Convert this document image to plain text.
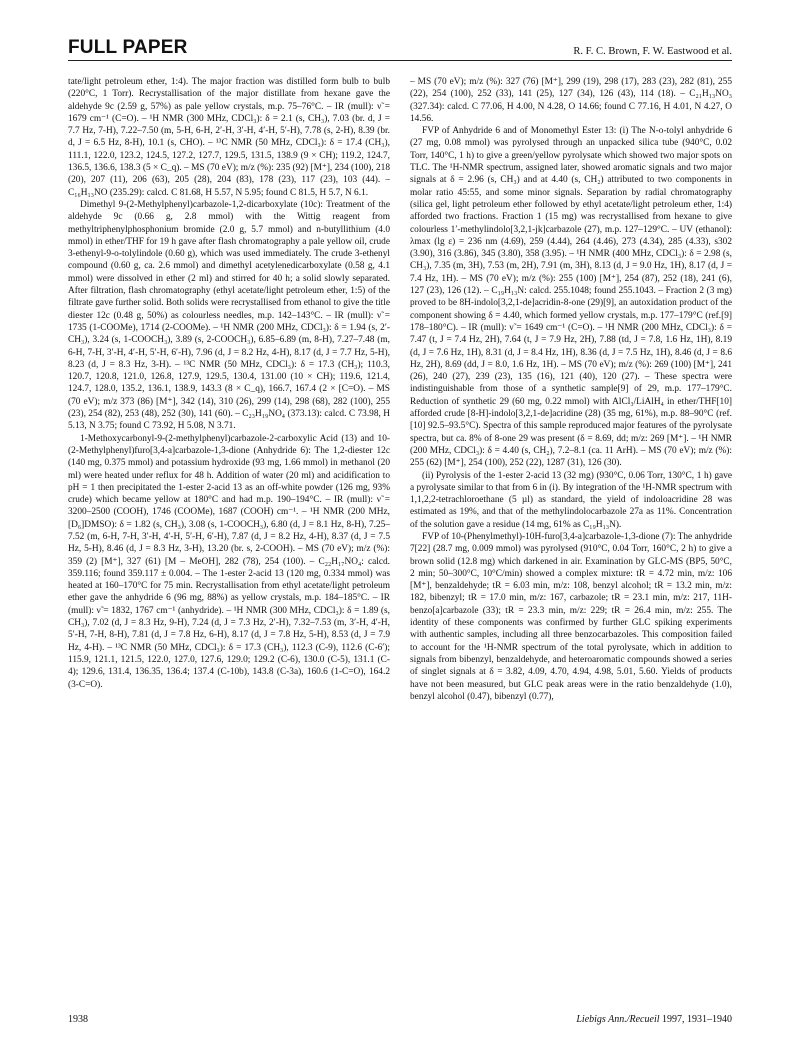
FULL PAPER	R. F. C. Brown, F. W. Eastwood et al.

tate/light petroleum ether, 1:4). The major fraction was distilled form bulb to bulb (220°C, 1 Torr). Recrystallisation of the major distillate from hexane gave the aldehyde 9c (2.59 g, 57%) as pale yellow crystals, m.p. 75–76°C. – IR (mull): ν̃ = 1679 cm⁻¹ (C=O). – ¹H NMR (300 MHz, CDCl₃): δ = 2.1 (s, CH₃), 7.03 (br. d, J = 7.7 Hz, 7-H), 7.22–7.50 (m, 5-H, 6-H, 2′-H, 3′-H, 4′-H, 5′-H), 7.78 (s, 2-H), 8.39 (br. d, J = 6.5 Hz, 8-H), 10.1 (s, CHO). – ¹³C NMR (50 MHz, CDCl₃): δ = 17.4 (CH₃), 111.1, 122.0, 123.2, 124.5, 127.2, 127.7, 129.5, 131.5, 138.9 (9 × CH); 119.2, 124.7, 136.5, 136.6, 138.3 (5 × C_q). – MS (70 eV); m/z (%): 235 (92) [M⁺], 234 (100), 218 (20), 207 (11), 206 (63), 205 (28), 204 (83), 178 (23), 117 (23), 103 (44). – C₁₆H₁₃NO (235.29): calcd. C 81.68, H 5.57, N 5.95; found C 81.5, H 5.7, N 6.1.

Dimethyl 9-(2-Methylphenyl)carbazole-1,2-dicarboxylate (10c): Treatment of the aldehyde 9c (0.66 g, 2.8 mmol) with the Wittig reagent from methyltriphenylphosphonium bromide (2.0 g, 5.7 mmol) and n-butyllithium (4.0 mmol) in ether/THF for 19 h gave after flash chromatography a pale yellow oil, crude 3-ethenyl-9-o-tolylindole (0.60 g), which was used immediately. The crude 3-ethenyl compound (0.60 g, ca. 2.6 mmol) and dimethyl acetylenedicarboxylate (0.58 g, 4.1 mmol) were dissolved in ether (2 ml) and stirred for 40 h; a solid slowly separated. After filtration, flash chromatography (ethyl acetate/light petroleum ether, 1:5) of the filtrate gave further solid. Both solids were recrystallised from ethanol to give the title diester 12c (0.48 g, 50%) as colourless needles, m.p. 142–143°C. – IR (mull): ν̃ = 1735 (1-COOMe), 1714 (2-COOMe). – ¹H NMR (200 MHz, CDCl₃): δ = 1.94 (s, 2′-CH₃), 3.24 (s, 1-COOCH₃), 3.89 (s, 2-COOCH₃), 6.85–6.89 (m, 8-H), 7.27–7.48 (m, 6-H, 7-H, 3′-H, 4′-H, 5′-H, 6′-H), 7.96 (d, J = 8.2 Hz, 4-H), 8.17 (d, J = 7.7 Hz, 5-H), 8.23 (d, J = 8.3 Hz, 3-H). – ¹³C NMR (50 MHz, CDCl₃): δ = 17.3 (CH₃); 110.3, 120.7, 120.8, 121.0, 126.8, 127.9, 129.5, 130.4, 131.00 (10 × CH); 119.6, 121.4, 124.7, 128.0, 135.2, 136.1, 138.9, 143.3 (8 × C_q), 166.7, 167.4 (2 × [C=O). – MS (70 eV); m/z 373 (86) [M⁺], 342 (14), 310 (26), 299 (14), 298 (68), 282 (100), 255 (23), 254 (82), 253 (48), 252 (30), 141 (60). – C₂₃H₁₉NO₄ (373.13): calcd. C 73.98, H 5.13, N 3.75; found C 73.92, H 5.08, N 3.71.

1-Methoxycarbonyl-9-(2-methylphenyl)carbazole-2-carboxylic Acid (13) and 10-(2-Methylphenyl)furo[3,4-a]carbazole-1,3-dione (Anhydride 6): The 1,2-diester 12c (140 mg, 0.375 mmol) and potassium hydroxide (93 mg, 1.66 mmol) in methanol (20 ml) were heated under reflux for 48 h. Addition of water (20 ml) and acidification to pH = 1 then precipitated the 1-ester 2-acid 13 as an off-white powder (126 mg, 93% crude) which became yellow at 180°C and had m.p. 190–194°C. – IR (mull): ν̃ = 3200–2500 (COOH), 1746 (COOMe), 1687 (COOH) cm⁻¹. – ¹H NMR (200 MHz, [D₆]DMSO): δ = 1.82 (s, CH₃), 3.08 (s, 1-COOCH₃), 6.80 (d, J = 8.1 Hz, 8-H), 7.25–7.52 (m, 6-H, 7-H, 3′-H, 4′-H, 5′-H, 6′-H), 7.87 (d, J = 8.2 Hz, 4-H), 8.37 (d, J = 7.5 Hz, 5-H), 8.46 (d, J = 8.3 Hz, 3-H), 13.20 (br. s, 2-COOH). – MS (70 eV); m/z (%): 359 (2) [M⁺], 327 (61) [M – MeOH], 282 (78), 254 (100). – C₂₂H₁₇NO₄: calcd. 359.116; found 359.117 ± 0.004. – The 1-ester 2-acid 13 (120 mg, 0.334 mmol) was heated at 160–170°C for 75 min. Recrystallisation from ethyl acetate/light petroleum ether gave the anhydride 6 (96 mg, 88%) as yellow crystals, m.p. 184–185°C. – IR (mull): ν̃ = 1832, 1767 cm⁻¹ (anhydride). – ¹H NMR (300 MHz, CDCl₃): δ = 1.89 (s, CH₃), 7.02 (d, J = 8.3 Hz, 9-H), 7.24 (d, J = 7.3 Hz, 2′-H), 7.32–7.53 (m, 3′-H, 4′-H, 5′-H, 7-H, 8-H), 7.81 (d, J = 7.8 Hz, 6-H), 8.17 (d, J = 7.8 Hz, 5-H), 8.53 (d, J = 7.9 Hz, 4-H). – ¹³C NMR (50 MHz, CDCl₃): δ = 17.3 (CH₃), 112.3 (C-9), 112.6 (C-6′); 115.9, 121.1, 121.5, 122.0, 127.0, 127.6, 129.0; 129.2 (C-6), 130.0 (C-5), 131.1 (C-4); 129.6, 131.4, 136.35, 136.4; 137.4 (C-10b), 143.8 (C-3a), 160.6 (1-C=O), 164.2 (3-C=O).

– MS (70 eV); m/z (%): 327 (76) [M⁺], 299 (19), 298 (17), 283 (23), 282 (81), 255 (22), 254 (100), 252 (33), 141 (25), 127 (34), 126 (43), 114 (18). – C₂₁H₁₃NO₃ (327.34): calcd. C 77.06, H 4.00, N 4.28, O 14.66; found C 77.16, H 4.01, N 4.27, O 14.56.

FVP of Anhydride 6 and of Monomethyl Ester 13: (i) The N-o-tolyl anhydride 6 (27 mg, 0.08 mmol) was pyrolysed through an unpacked silica tube (940°C, 0.02 Torr, 140°C, 1 h) to give a green/yellow pyrolysate which showed two major spots on TLC. The ¹H-NMR spectrum, assigned later, showed aromatic signals and two major signals at δ = 2.96 (s, CH₃) and at 4.40 (s, CH₂) attributed to two components in molar ratio 45:55, and some minor signals. Separation by radial chromatography (silica gel, light petroleum ether followed by ethyl acetate/light petroleum ether, 1:4) afforded two fractions. Fraction 1 (15 mg) was recrystallised from hexane to give colourless 1′-methylindolo[3,2,1-jk]carbazole (27), m.p. 127–129°C. – UV (ethanol): λmax (lg ε) = 236 nm (4.69), 259 (4.44), 264 (4.46), 273 (4.34), 285 (4.33), s302 (3.90), 316 (3.86), 345 (3.80), 358 (3.95). – ¹H NMR (400 MHz, CDCl₃): δ = 2.98 (s, CH₃), 7.35 (m, 3H), 7.53 (m, 2H), 7.91 (m, 3H), 8.13 (d, J = 9.0 Hz, 1H), 8.17 (d, J = 7.4 Hz, 1H). – MS (70 eV); m/z (%): 255 (100) [M⁺], 254 (87), 252 (18), 241 (6), 127 (23), 126 (12). – C₁₉H₁₃N: calcd. 255.1048; found 255.1043. – Fraction 2 (3 mg) proved to be 8H-indolo[3,2,1-de]acridin-8-one (29)[9], an autoxidation product of the component showing δ = 4.40, which formed yellow crystals, m.p. 177–179°C (ref.[9] 178–180°C). – IR (mull): ν̃ = 1649 cm⁻¹ (C=O). – ¹H NMR (200 MHz, CDCl₃): δ = 7.47 (t, J = 7.4 Hz, 2H), 7.64 (t, J = 7.9 Hz, 2H), 7.88 (td, J = 7.8, 1.6 Hz, 1H), 8.19 (d, J = 7.6 Hz, 1H), 8.31 (d, J = 8.4 Hz, 1H), 8.36 (d, J = 7.5 Hz, 1H), 8.46 (d, J = 8.6 Hz, 2H), 8.69 (dd, J = 8.0, 1.6 Hz, 1H). – MS (70 eV); m/z (%): 269 (100) [M⁺], 241 (26), 240 (27), 239 (23), 135 (16), 121 (40), 120 (27). – These spectra were indistinguishable from those of a synthetic sample[9] of 29, m.p. 177–179°C. Reduction of synthetic 29 (60 mg, 0.22 mmol) with AlCl₃/LiAlH₄ in ether/THF[10] afforded crude [8-H]-indolo[3,2,1-de]acridine (28) (35 mg, 61%), m.p. 88–90°C (ref.[10] 92.5–93.5°C). Spectra of this sample reproduced major features of the pyrolysate spectra, but ca. 8% of 8-one 29 was present (δ = 8.69, dd; m/z: 269 [M⁺]. – ¹H NMR (200 MHz, CDCl₃): δ = 4.40 (s, CH₂), 7.2–8.1 (ca. 11 ArH). – MS (70 eV); m/z (%): 255 (62) [M⁺], 254 (100), 252 (22), 1287 (31), 126 (30).

(ii) Pyrolysis of the 1-ester 2-acid 13 (32 mg) (930°C, 0.06 Torr, 130°C, 1 h) gave a pyrolysate similar to that from 6 in (i). By integration of the ¹H-NMR spectrum with 1,1,2,2-tetrachloroethane (5 µl) as standard, the yield of indoloacridine 28 was estimated as 19%, and that of the methylindolocarbazole 27a as 11%. Concentration of the solution gave a residue (14 mg, 61% as C₁₉H₁₃N).

FVP of 10-(Phenylmethyl)-10H-furo[3,4-a]carbazole-1,3-dione (7): The anhydride 7[22] (28.7 mg, 0.009 mmol) was pyrolysed (910°C, 0.04 Torr, 160°C, 2 h) to give a brown solid (12.8 mg) which darkened in air. Examination by GLC-MS (BP5, 50°C, 2 min; 50–300°C, 10°C/min) showed a complex mixture: tR = 4.72 min, m/z: 106 [M⁺], benzaldehyde; tR = 6.03 min, m/z: 108, benzyl alcohol; tR = 13.2 min, m/z: 182, bibenzyl; tR = 17.0 min, m/z: 167, carbazole; tR = 23.1 min, m/z: 217, 11H-benzo[a]carbazole (33); tR = 23.3 min, m/z: 229; tR = 26.4 min, m/z: 255. The identity of these components was confirmed by further GLC spiking experiments with authentic samples, including all three benzocarbazoles. This composition failed to account for the ¹H-NMR spectrum of the total pyrolysate, which in addition to signals from bibenzyl, benzaldehyde, and heteroaromatic compounds showed a series of singlet signals at δ = 3.82, 4.09, 4.70, 4.94, 4.98, 5.01, 5.60. Yields of products have not been measured, but GLC peak areas were in the ratio benzaldehyde (1.0), benzyl alcohol (0.47), bibenzyl (0.77),

1938	Liebigs Ann./Recueil 1997, 1931–1940
